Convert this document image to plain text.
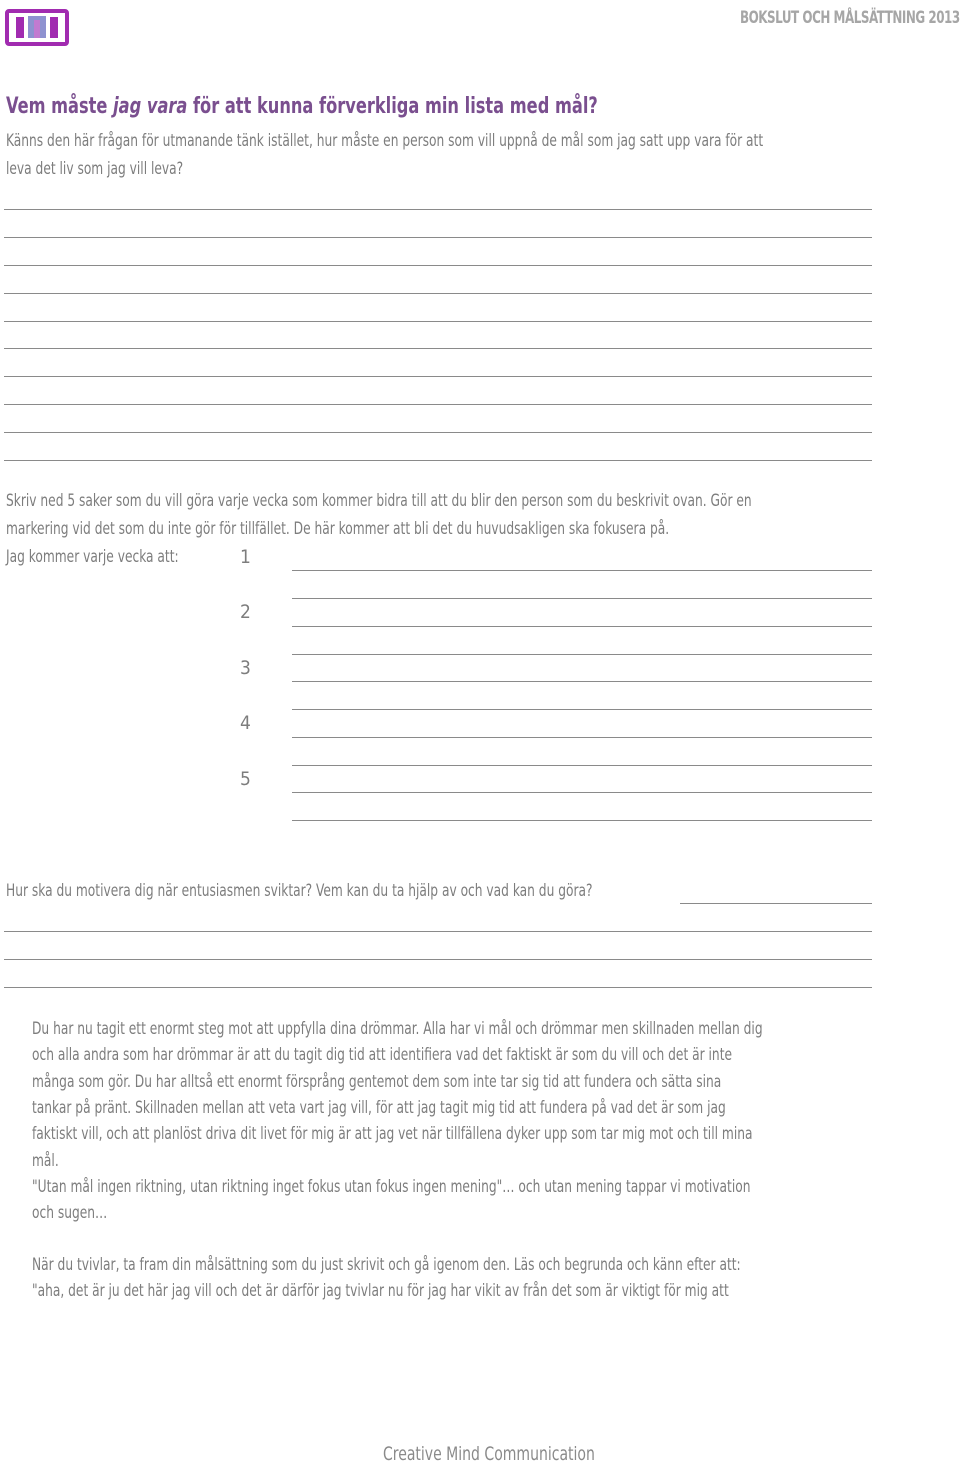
BOKSLUT OCH MÅLSÄTTNING 2013
Vem måste jag vara för att kunna förverkliga min lista med mål?
Känns den här frågan för utmanande tänk istället, hur måste en person som vill uppnå de mål som jag satt upp vara för att
leva det liv som jag vill leva?
Skriv ned 5 saker som du vill göra varje vecka som kommer bidra till att du blir den person som du beskrivit ovan. Gör en
markering vid det som du inte gör för tillfället. De här kommer att bli det du huvudsakligen ska fokusera på.
Jag kommer varje vecka att:	1
2
3
4
5
Hur ska du motivera dig när entusiasmen sviktar? Vem kan du ta hjälp av och vad kan du göra?
Du har nu tagit ett enormt steg mot att uppfylla dina drömmar. Alla har vi mål och drömmar men skillnaden mellan dig
och alla andra som har drömmar är att du tagit dig tid att identifiera vad det faktiskt är som du vill och det är inte
många som gör. Du har alltså ett enormt försprång gentemot dem som inte tar sig tid att fundera och sätta sina
tankar på pränt. Skillnaden mellan att veta vart jag vill, för att jag tagit mig tid att fundera på vad det är som jag
faktiskt vill, och att planlöst driva dit livet för mig är att jag vet när tillfällena dyker upp som tar mig mot och till mina
mål.
"Utan mål ingen riktning, utan riktning inget fokus utan fokus ingen mening"… och utan mening tappar vi motivation
och sugen…
När du tvivlar, ta fram din målsättning som du just skrivit och gå igenom den. Läs och begrunda och känn efter att:
"aha, det är ju det här jag vill och det är därför jag tvivlar nu för jag har vikit av från det som är viktigt för mig att
Creative Mind Communication
